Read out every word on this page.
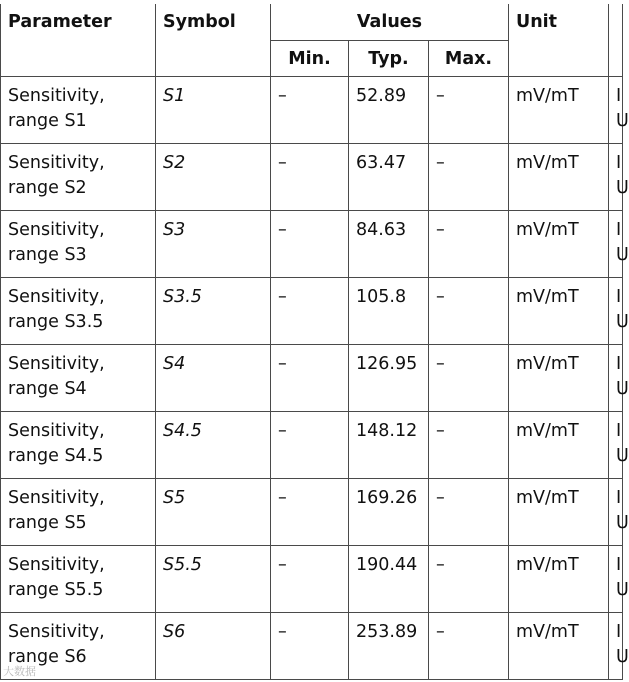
Parameter	Symbol	Values			Unit	
		Min.	Typ.	Max.		

Sensitivity,
range S1	S1	–	52.89	–	mV/mT	I
U

Sensitivity,
range S2	S2	–	63.47	–	mV/mT	I
U

Sensitivity,
range S3	S3	–	84.63	–	mV/mT	I
U

Sensitivity,
range S3.5	S3.5	–	105.8	–	mV/mT	I
U

Sensitivity,
range S4	S4	–	126.95	–	mV/mT	I
U

Sensitivity,
range S4.5	S4.5	–	148.12	–	mV/mT	I
U

Sensitivity,
range S5	S5	–	169.26	–	mV/mT	I
U

Sensitivity,
range S5.5	S5.5	–	190.44	–	mV/mT	I
U

Sensitivity,
range S6	S6	–	253.89	–	mV/mT	I
U
大数据
